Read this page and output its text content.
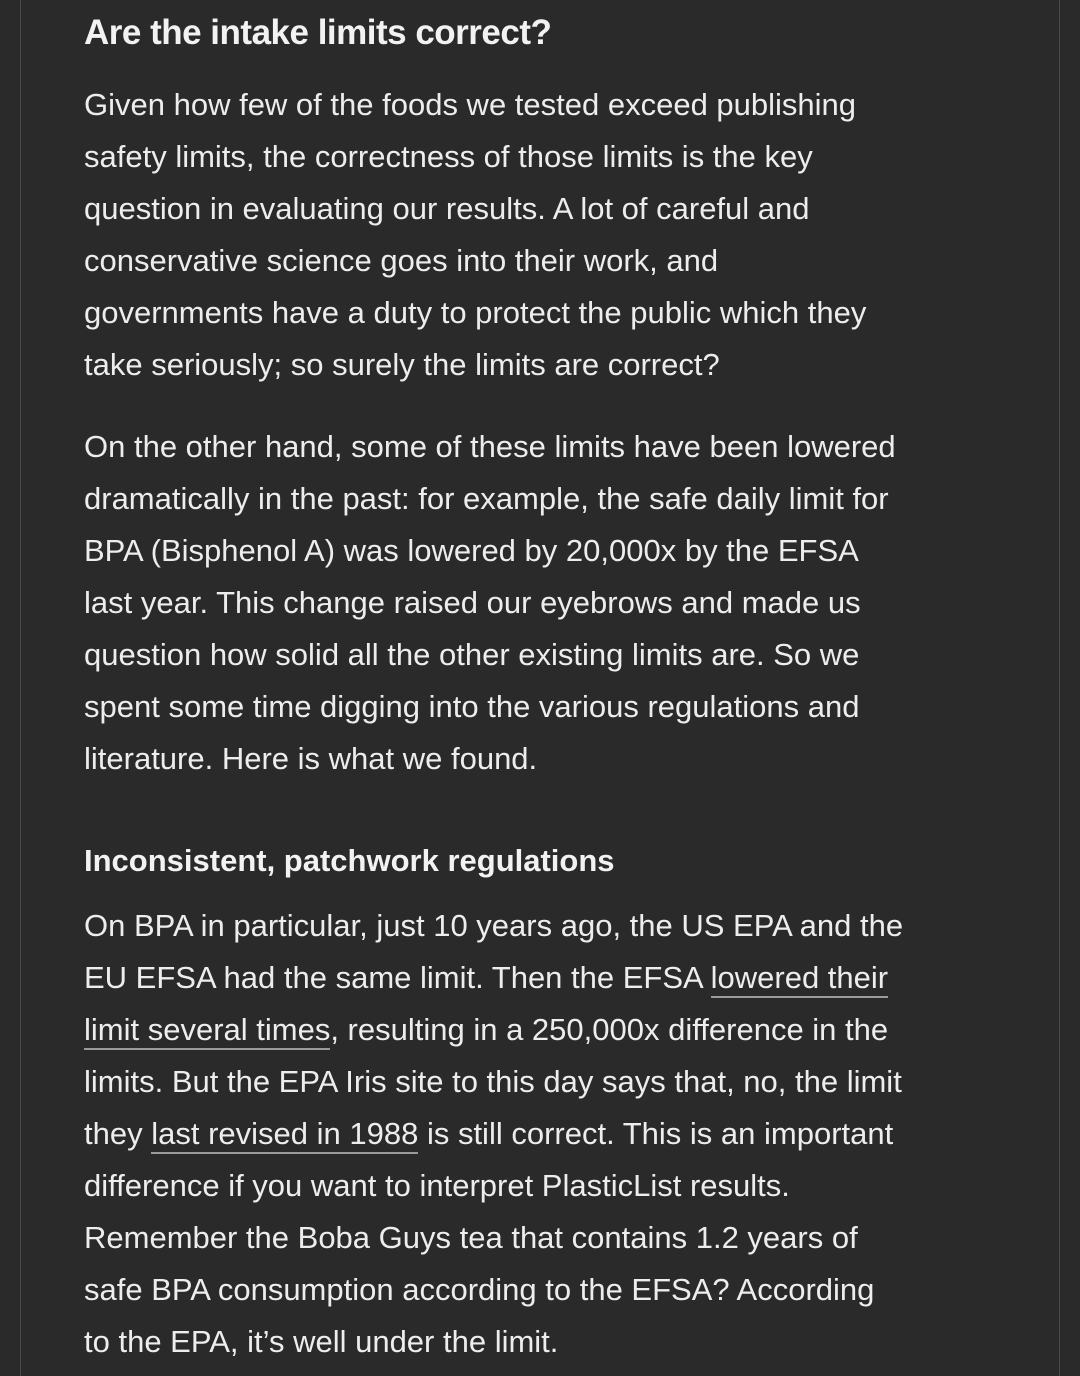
Are the intake limits correct?

Given how few of the foods we tested exceed publishing
safety limits, the correctness of those limits is the key
question in evaluating our results. A lot of careful and
conservative science goes into their work, and
governments have a duty to protect the public which they
take seriously; so surely the limits are correct?

On the other hand, some of these limits have been lowered
dramatically in the past: for example, the safe daily limit for
BPA (Bisphenol A) was lowered by 20,000x by the EFSA
last year. This change raised our eyebrows and made us
question how solid all the other existing limits are. So we
spent some time digging into the various regulations and
literature. Here is what we found.

Inconsistent, patchwork regulations

On BPA in particular, just 10 years ago, the US EPA and the
EU EFSA had the same limit. Then the EFSA lowered their
limit several times, resulting in a 250,000x difference in the
limits. But the EPA Iris site to this day says that, no, the limit
they last revised in 1988 is still correct. This is an important
difference if you want to interpret PlasticList results.
Remember the Boba Guys tea that contains 1.2 years of
safe BPA consumption according to the EFSA? According
to the EPA, it’s well under the limit.
